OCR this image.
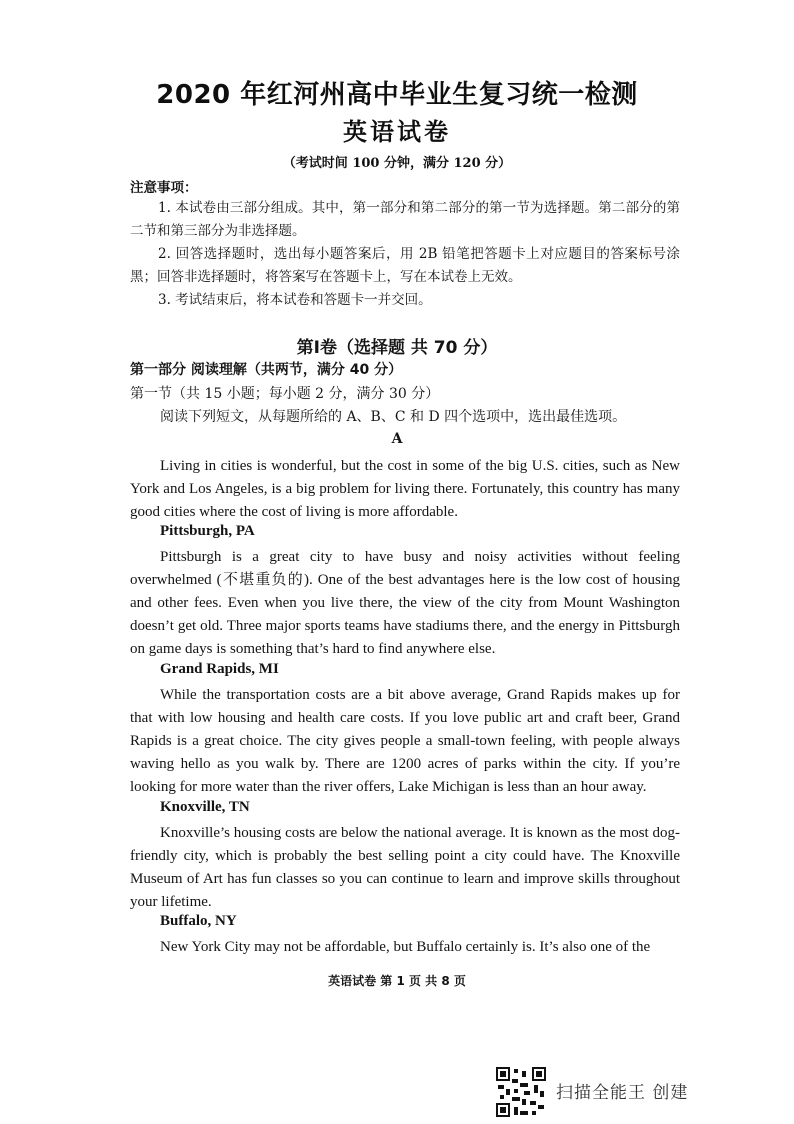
2020 年红河州高中毕业生复习统一检测
英语试卷
（考试时间 100 分钟，满分 120 分）
注意事项：
1. 本试卷由三部分组成。其中，第一部分和第二部分的第一节为选择题。第二部分的第二节和第三部分为非选择题。
2. 回答选择题时，选出每小题答案后，用 2B 铅笔把答题卡上对应题目的答案标号涂黑；回答非选择题时，将答案写在答题卡上，写在本试卷上无效。
3. 考试结束后，将本试卷和答题卡一并交回。
第Ⅰ卷（选择题 共 70 分）
第一部分 阅读理解（共两节，满分 40 分）
第一节（共 15 小题；每小题 2 分，满分 30 分）
阅读下列短文，从每题所给的 A、B、C 和 D 四个选项中，选出最佳选项。
A
Living in cities is wonderful, but the cost in some of the big U.S. cities, such as New York and Los Angeles, is a big problem for living there. Fortunately, this country has many good cities where the cost of living is more affordable.
Pittsburgh, PA
Pittsburgh is a great city to have busy and noisy activities without feeling overwhelmed (不堪重负的). One of the best advantages here is the low cost of housing and other fees. Even when you live there, the view of the city from Mount Washington doesn’t get old. Three major sports teams have stadiums there, and the energy in Pittsburgh on game days is something that’s hard to find anywhere else.
Grand Rapids, MI
While the transportation costs are a bit above average, Grand Rapids makes up for that with low housing and health care costs. If you love public art and craft beer, Grand Rapids is a great choice. The city gives people a small-town feeling, with people always waving hello as you walk by. There are 1200 acres of parks within the city. If you’re looking for more water than the river offers, Lake Michigan is less than an hour away.
Knoxville, TN
Knoxville’s housing costs are below the national average. It is known as the most dog-friendly city, which is probably the best selling point a city could have. The Knoxville Museum of Art has fun classes so you can continue to learn and improve skills throughout your lifetime.
Buffalo, NY
New York City may not be affordable, but Buffalo certainly is. It’s also one of the
英语试卷 第 1 页 共 8 页
扫描全能王 创建
